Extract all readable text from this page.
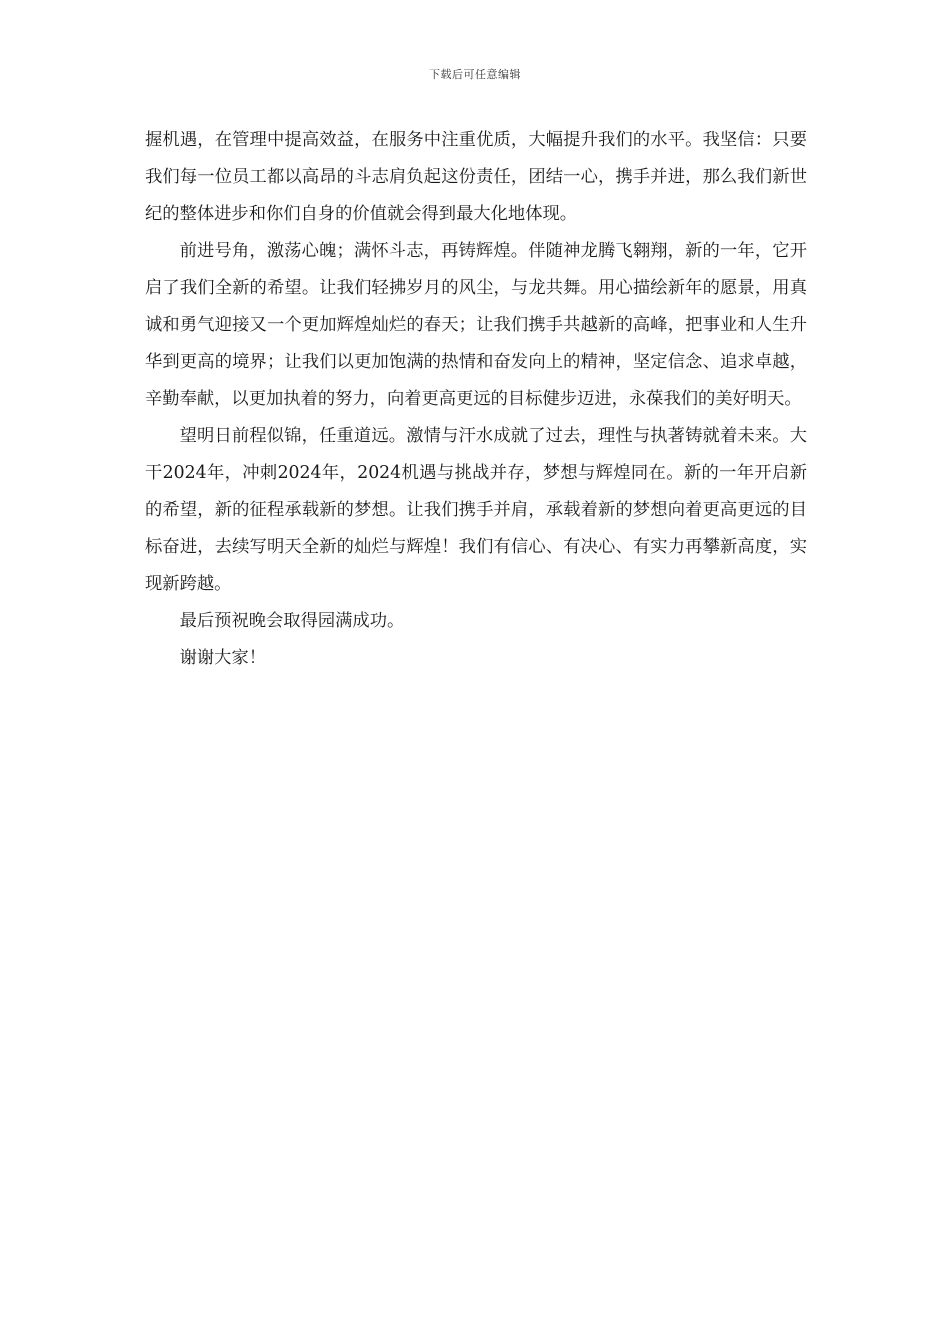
下载后可任意编辑

握机遇，在管理中提高效益，在服务中注重优质，大幅提升我们的水平。我坚信：只要我们每一位员工都以高昂的斗志肩负起这份责任，团结一心，携手并进，那么我们新世纪的整体进步和你们自身的价值就会得到最大化地体现。

前进号角，激荡心魄；满怀斗志，再铸辉煌。伴随神龙腾飞翱翔，新的一年，它开启了我们全新的希望。让我们轻拂岁月的风尘，与龙共舞。用心描绘新年的愿景，用真诚和勇气迎接又一个更加辉煌灿烂的春天；让我们携手共越新的高峰，把事业和人生升华到更高的境界；让我们以更加饱满的热情和奋发向上的精神，坚定信念、追求卓越，辛勤奉献，以更加执着的努力，向着更高更远的目标健步迈进，永葆我们的美好明天。

望明日前程似锦，任重道远。激情与汗水成就了过去，理性与执著铸就着未来。大干2024年，冲刺2024年，2024机遇与挑战并存，梦想与辉煌同在。新的一年开启新的希望，新的征程承载新的梦想。让我们携手并肩，承载着新的梦想向着更高更远的目标奋进，去续写明天全新的灿烂与辉煌！我们有信心、有决心、有实力再攀新高度，实现新跨越。

最后预祝晚会取得园满成功。

谢谢大家！
